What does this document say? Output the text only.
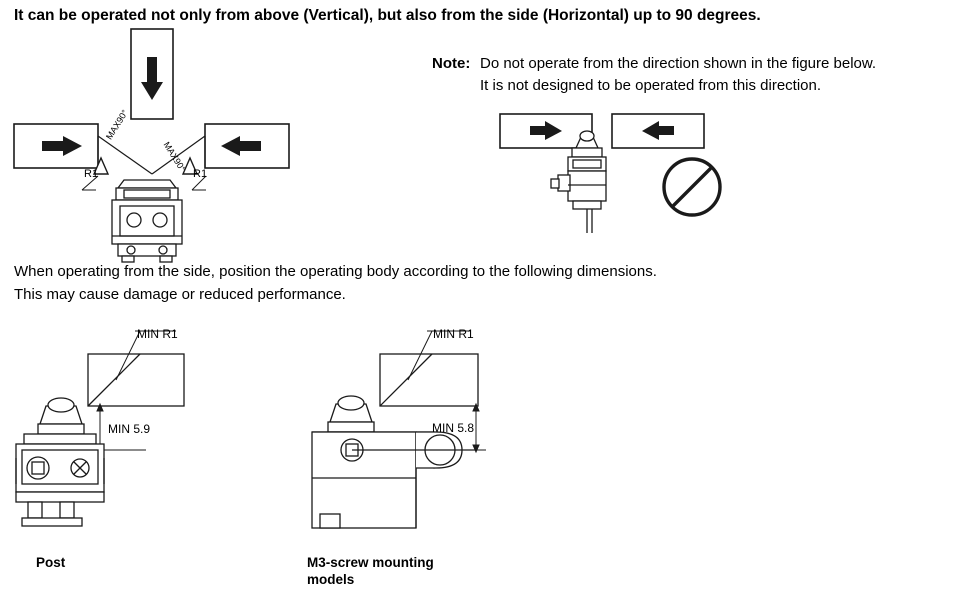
It can be operated not only from above (Vertical), but also from the side (Horizontal) up to 90 degrees.
Note: Do not operate from the direction shown in the figure below.
It is not designed to be operated from this direction.
MAX90°
MAX90°
R1	R1
When operating from the side, position the operating body according to the following dimensions.
This may cause damage or reduced performance.
MIN R1
MIN 5.9
Post
MIN R1
MIN 5.8
M3-screw mounting
models
